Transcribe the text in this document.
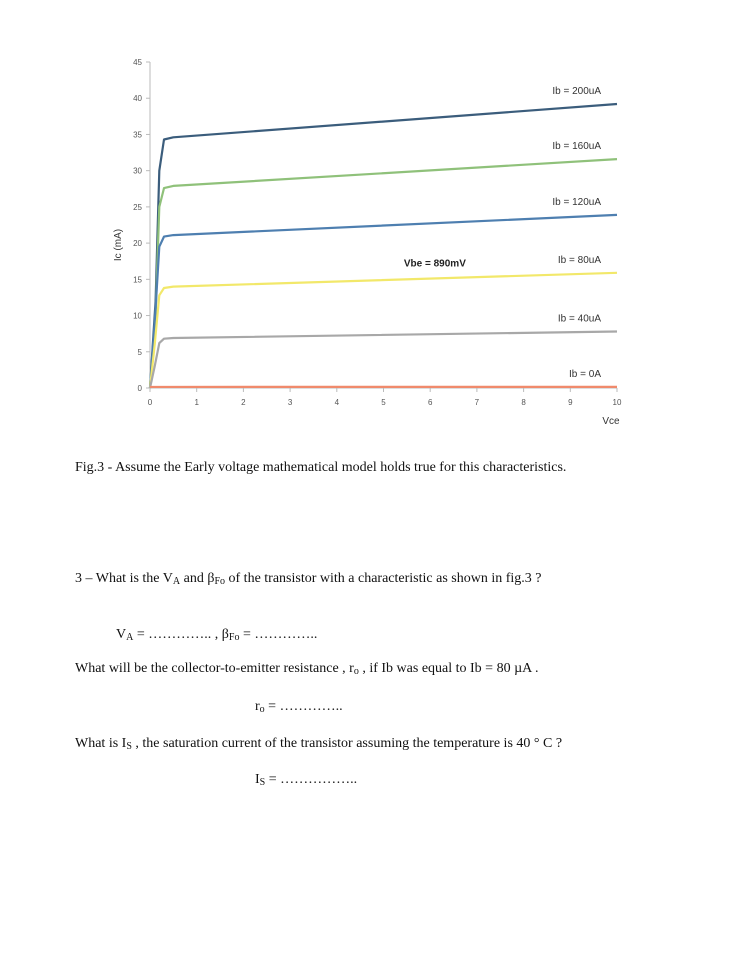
0
5
10
15
20
25
30
35
40
45
0	1	2	3	4	5	6	7	8	9	10
Vce
Ic (mA)
Ib = 200uA
Ib = 160uA
Ib = 120uA
Ib = 80uA
Ib = 40uA
Ib = 0A
Vbe = 890mV
Fig.3 - Assume the Early voltage mathematical model holds true for this characteristics.
3 – What is the $V_A$ and $\beta_{Fo}$ of the transistor with a characteristic as shown in fig.3 ?
$V_A$ = ………….. , $\beta_{Fo}$ = …………..
What will be the collector-to-emitter resistance , $r_o$ , if Ib was equal to Ib = 80 µA .
$r_o$ = …………..
What is $I_S$ , the saturation current of the transistor assuming the temperature is 40 ° C ?
$I_S$ = ……………..
